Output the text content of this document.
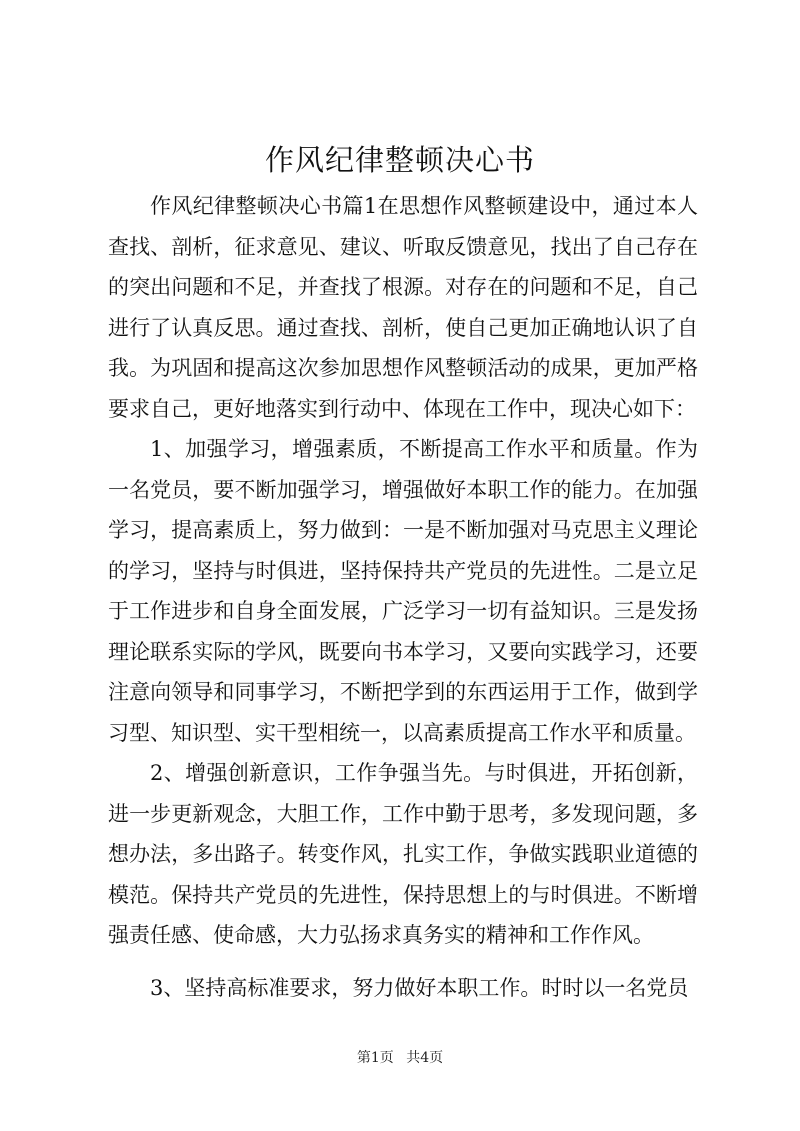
作风纪律整顿决心书

作风纪律整顿决心书篇1在思想作风整顿建设中，通过本人查找、剖析，征求意见、建议、听取反馈意见，找出了自己存在的突出问题和不足，并查找了根源。对存在的问题和不足，自己进行了认真反思。通过查找、剖析，使自己更加正确地认识了自我。为巩固和提高这次参加思想作风整顿活动的成果，更加严格要求自己，更好地落实到行动中、体现在工作中，现决心如下：

1、加强学习，增强素质，不断提高工作水平和质量。作为一名党员，要不断加强学习，增强做好本职工作的能力。在加强学习，提高素质上，努力做到：一是不断加强对马克思主义理论的学习，坚持与时俱进，坚持保持共产党员的先进性。二是立足于工作进步和自身全面发展，广泛学习一切有益知识。三是发扬理论联系实际的学风，既要向书本学习，又要向实践学习，还要注意向领导和同事学习，不断把学到的东西运用于工作，做到学习型、知识型、实干型相统一，以高素质提高工作水平和质量。

2、增强创新意识，工作争强当先。与时俱进，开拓创新，进一步更新观念，大胆工作，工作中勤于思考，多发现问题，多想办法，多出路子。转变作风，扎实工作，争做实践职业道德的模范。保持共产党员的先进性，保持思想上的与时俱进。不断增强责任感、使命感，大力弘扬求真务实的精神和工作作风。

3、坚持高标准要求，努力做好本职工作。时时以一名党员

第1页 共4页
